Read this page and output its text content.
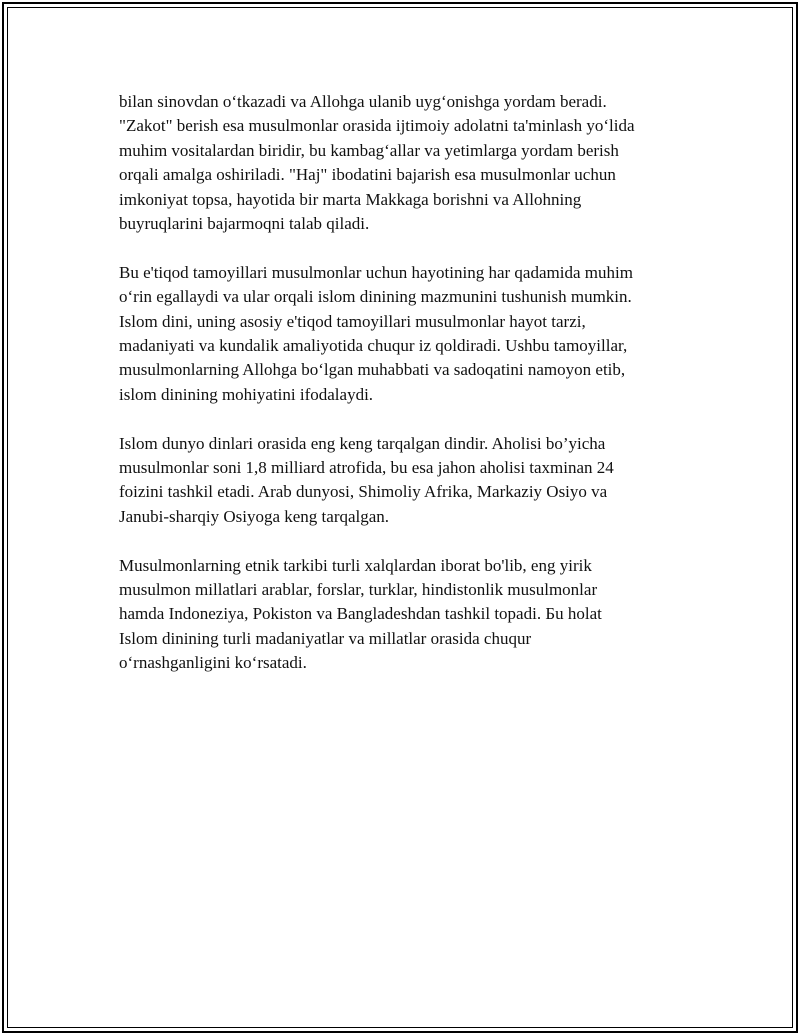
bilan sinovdan o‘tkazadi va Allohga ulanib uyg‘onishga yordam beradi.
"Zakot" berish esa musulmonlar orasida ijtimoiy adolatni ta'minlash yo‘lida
muhim vositalardan biridir, bu kambag‘allar va yetimlarga yordam berish
orqali amalga oshiriladi. "Haj" ibodatini bajarish esa musulmonlar uchun
imkoniyat topsa, hayotida bir marta Makkaga borishni va Allohning
buyruqlarini bajarmoqni talab qiladi.

Bu e'tiqod tamoyillari musulmonlar uchun hayotining har qadamida muhim
o‘rin egallaydi va ular orqali islom dinining mazmunini tushunish mumkin.
Islom dini, uning asosiy e'tiqod tamoyillari musulmonlar hayot tarzi,
madaniyati va kundalik amaliyotida chuqur iz qoldiradi. Ushbu tamoyillar,
musulmonlarning Allohga bo‘lgan muhabbati va sadoqatini namoyon etib,
islom dinining mohiyatini ifodalaydi.

Islom dunyo dinlari orasida eng keng tarqalgan dindir. Aholisi bo’yicha
musulmonlar soni 1,8 milliard atrofida, bu esa jahon aholisi taxminan 24
foizini tashkil etadi. Arab dunyosi, Shimoliy Afrika, Markaziy Osiyo va
Janubi-sharqiy Osiyoga keng tarqalgan.

Musulmonlarning etnik tarkibi turli xalqlardan iborat bo'lib, eng yirik
musulmon millatlari arablar, forslar, turklar, hindistonlik musulmonlar
hamda Indoneziya, Pokiston va Bangladeshdan tashkil topadi. Бu holat
Islom dinining turli madaniyatlar va millatlar orasida chuqur
o‘rnashganligini ko‘rsatadi.
